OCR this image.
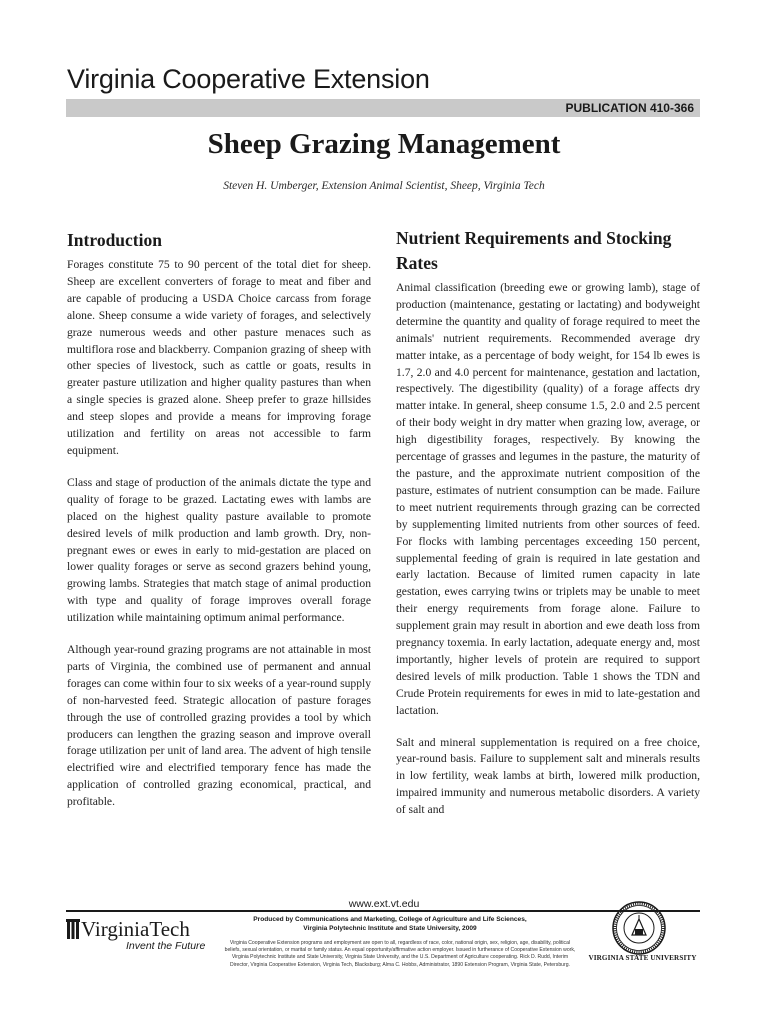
Virginia Cooperative Extension
PUBLICATION 410-366
Sheep Grazing Management
Steven H. Umberger, Extension Animal Scientist, Sheep, Virginia Tech
Introduction

Forages constitute 75 to 90 percent of the total diet for sheep. Sheep are excellent converters of forage to meat and fiber and are capable of producing a USDA Choice carcass from forage alone. Sheep consume a wide variety of forages, and selectively graze numerous weeds and other pasture menaces such as multiflora rose and blackberry. Companion grazing of sheep with other species of livestock, such as cattle or goats, results in greater pasture utilization and higher quality pastures than when a single species is grazed alone. Sheep prefer to graze hillsides and steep slopes and provide a means for improving forage utilization and fertility on areas not accessible to farm equipment.

Class and stage of production of the animals dictate the type and quality of forage to be grazed. Lactating ewes with lambs are placed on the highest quality pasture available to promote desired levels of milk production and lamb growth. Dry, non-pregnant ewes or ewes in early to mid-gestation are placed on lower quality forages or serve as second grazers behind young, growing lambs. Strategies that match stage of animal production with type and quality of forage improves overall forage utilization while maintaining optimum animal performance.

Although year-round grazing programs are not attainable in most parts of Virginia, the combined use of permanent and annual forages can come within four to six weeks of a year-round supply of non-harvested feed. Strategic allocation of pasture forages through the use of controlled grazing provides a tool by which producers can lengthen the grazing season and improve overall forage utilization per unit of land area. The advent of high tensile electrified wire and electrified temporary fence has made the application of controlled grazing economical, practical, and profitable.

Nutrient Requirements and Stocking Rates

Animal classification (breeding ewe or growing lamb), stage of production (maintenance, gestating or lactating) and bodyweight determine the quantity and quality of forage required to meet the animals' nutrient requirements. Recommended average dry matter intake, as a percentage of body weight, for 154 lb ewes is 1.7, 2.0 and 4.0 percent for maintenance, gestation and lactation, respectively. The digestibility (quality) of a forage affects dry matter intake. In general, sheep consume 1.5, 2.0 and 2.5 percent of their body weight in dry matter when grazing low, average, or high digestibility forages, respectively. By knowing the percentage of grasses and legumes in the pasture, the maturity of the pasture, and the approximate nutrient composition of the pasture, estimates of nutrient consumption can be made. Failure to meet nutrient requirements through grazing can be corrected by supplementing limited nutrients from other sources of feed. For flocks with lambing percentages exceeding 150 percent, supplemental feeding of grain is required in late gestation and early lactation. Because of limited rumen capacity in late gestation, ewes carrying twins or triplets may be unable to meet their energy requirements from forage alone. Failure to supplement grain may result in abortion and ewe death loss from pregnancy toxemia. In early lactation, adequate energy and, most importantly, higher levels of protein are required to support desired levels of milk production. Table 1 shows the TDN and Crude Protein requirements for ewes in mid to late-gestation and lactation.

Salt and mineral supplementation is required on a free choice, year-round basis. Failure to supplement salt and minerals results in low fertility, weak lambs at birth, lowered milk production, impaired immunity and numerous metabolic disorders. A variety of salt and

www.ext.vt.edu
VirginiaTech
Invent the Future
Produced by Communications and Marketing, College of Agriculture and Life Sciences,
Virginia Polytechnic Institute and State University, 2009
Virginia Cooperative Extension programs and employment are open to all, regardless of race, color, national origin, sex, religion, age, disability, political beliefs, sexual orientation, or marital or family status. An equal opportunity/affirmative action employer. Issued in furtherance of Cooperative Extension work, Virginia Polytechnic Institute and State University, Virginia State University, and the U.S. Department of Agriculture cooperating. Rick D. Rudd, Interim Director, Virginia Cooperative Extension, Virginia Tech, Blacksburg; Alma C. Hobbs, Administrator, 1890 Extension Program, Virginia State, Petersburg.
VIRGINIA STATE UNIVERSITY
